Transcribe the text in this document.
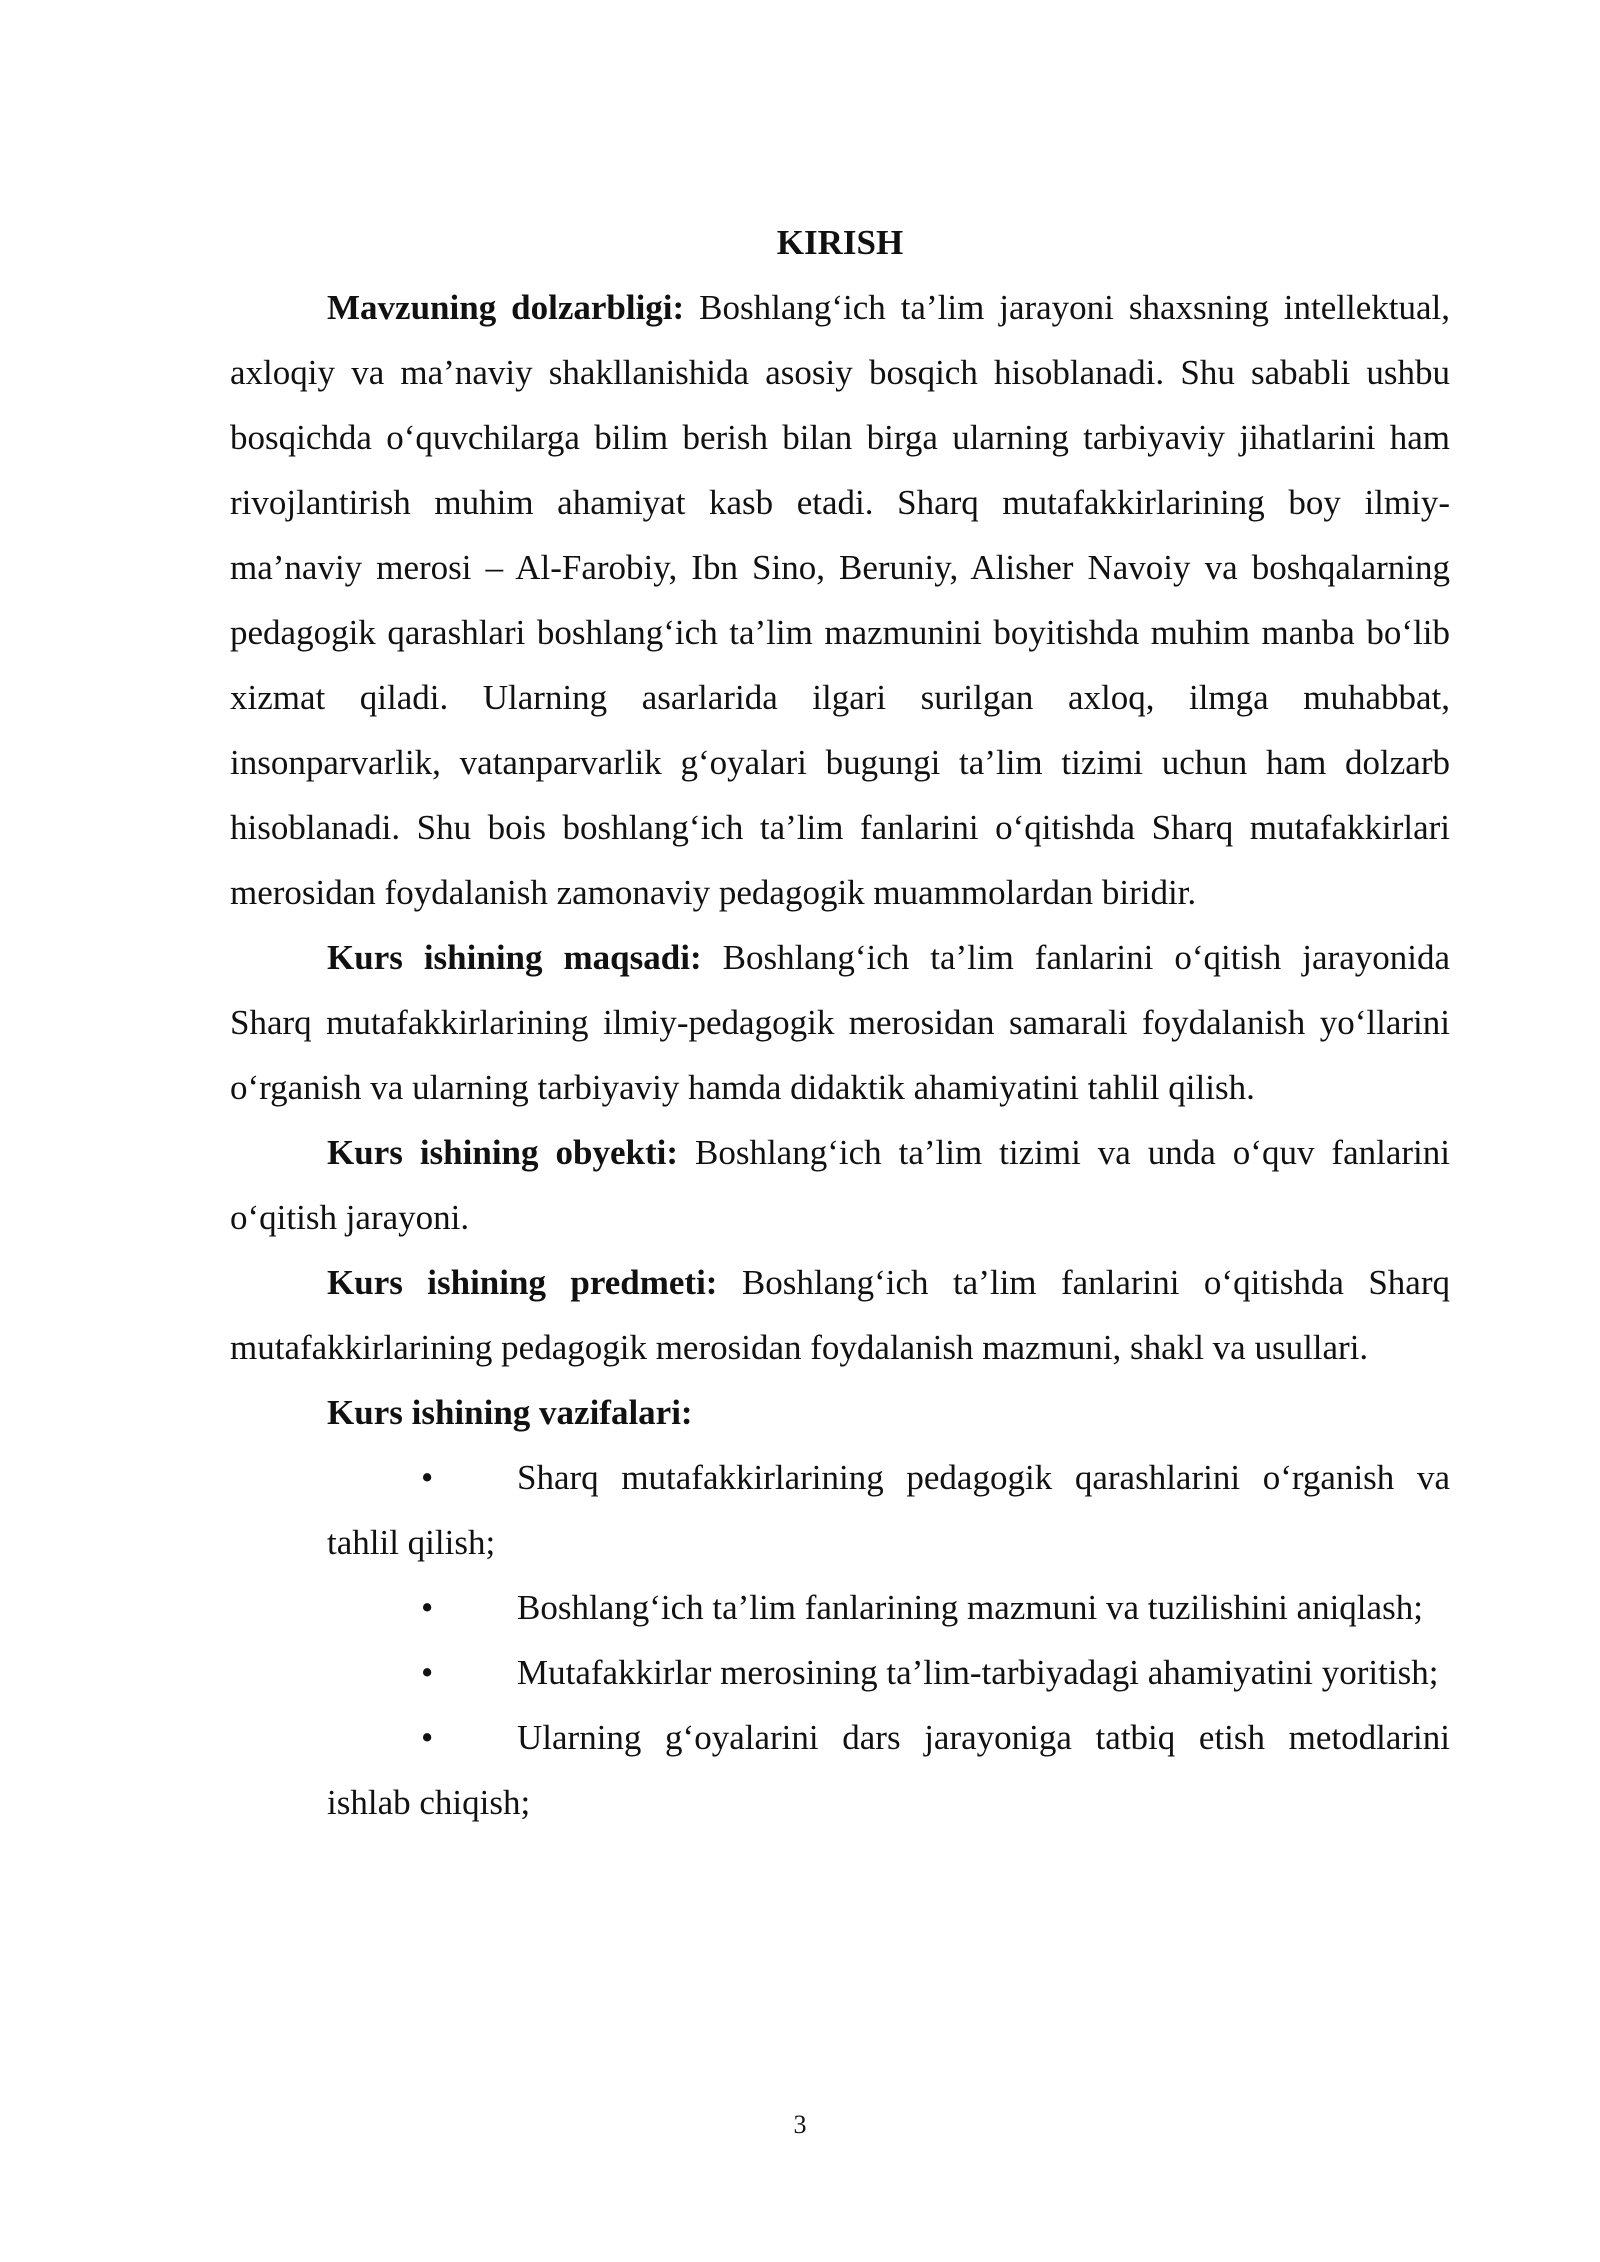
KIRISH

Mavzuning dolzarbligi: Boshlang‘ich ta’lim jarayoni shaxsning intellektual, axloqiy va ma’naviy shakllanishida asosiy bosqich hisoblanadi. Shu sababli ushbu bosqichda o‘quvchilarga bilim berish bilan birga ularning tarbiyaviy jihatlarini ham rivojlantirish muhim ahamiyat kasb etadi. Sharq mutafakkirlarining boy ilmiy-ma’naviy merosi – Al-Farobiy, Ibn Sino, Beruniy, Alisher Navoiy va boshqalarning pedagogik qarashlari boshlang‘ich ta’lim mazmunini boyitishda muhim manba bo‘lib xizmat qiladi. Ularning asarlarida ilgari surilgan axloq, ilmga muhabbat, insonparvarlik, vatanparvarlik g‘oyalari bugungi ta’lim tizimi uchun ham dolzarb hisoblanadi. Shu bois boshlang‘ich ta’lim fanlarini o‘qitishda Sharq mutafakkirlari merosidan foydalanish zamonaviy pedagogik muammolardan biridir.

Kurs ishining maqsadi: Boshlang‘ich ta’lim fanlarini o‘qitish jarayonida Sharq mutafakkirlarining ilmiy-pedagogik merosidan samarali foydalanish yo‘llarini o‘rganish va ularning tarbiyaviy hamda didaktik ahamiyatini tahlil qilish.

Kurs ishining obyekti: Boshlang‘ich ta’lim tizimi va unda o‘quv fanlarini o‘qitish jarayoni.

Kurs ishining predmeti: Boshlang‘ich ta’lim fanlarini o‘qitishda Sharq mutafakkirlarining pedagogik merosidan foydalanish mazmuni, shakl va usullari.

Kurs ishining vazifalari:

• Sharq mutafakkirlarining pedagogik qarashlarini o‘rganish va tahlil qilish;

• Boshlang‘ich ta’lim fanlarining mazmuni va tuzilishini aniqlash;

• Mutafakkirlar merosining ta’lim-tarbiyadagi ahamiyatini yoritish;

• Ularning g‘oyalarini dars jarayoniga tatbiq etish metodlarini ishlab chiqish;

3
